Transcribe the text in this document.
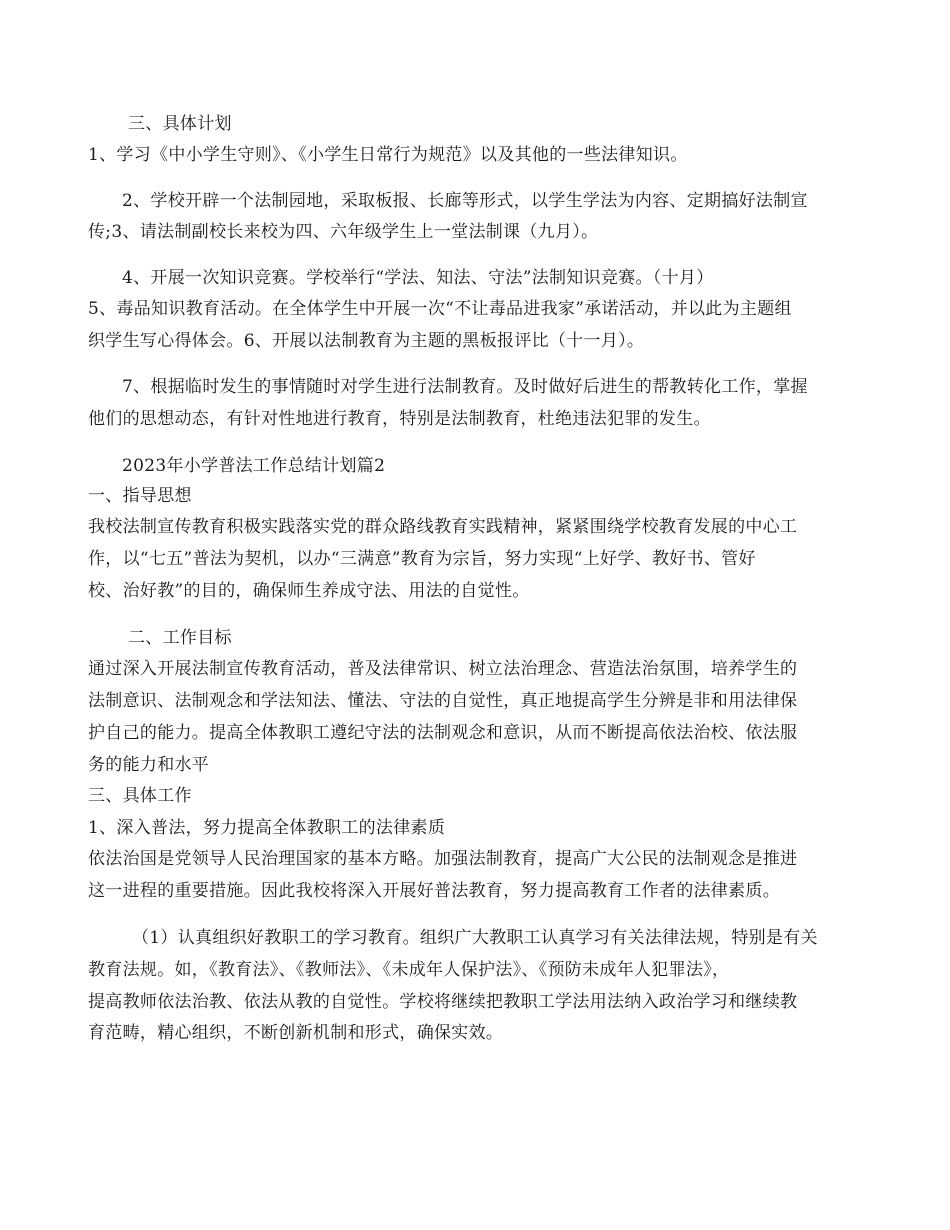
三、具体计划
1、学习《中小学生守则》、《小学生日常行为规范》以及其他的一些法律知识。
2、学校开辟一个法制园地，采取板报、长廊等形式，以学生学法为内容、定期搞好法制宣
传;3、请法制副校长来校为四、六年级学生上一堂法制课（九月）。
4、开展一次知识竞赛。学校举行“学法、知法、守法”法制知识竞赛。（十月）
5、毒品知识教育活动。在全体学生中开展一次“不让毒品进我家”承诺活动，并以此为主题组
织学生写心得体会。6、开展以法制教育为主题的黑板报评比（十一月）。
7、根据临时发生的事情随时对学生进行法制教育。及时做好后进生的帮教转化工作，掌握
他们的思想动态，有针对性地进行教育，特别是法制教育，杜绝违法犯罪的发生。
2023年小学普法工作总结计划篇2
一、指导思想
我校法制宣传教育积极实践落实党的群众路线教育实践精神，紧紧围绕学校教育发展的中心工
作，以“七五”普法为契机，以办“三满意”教育为宗旨，努力实现“上好学、教好书、管好
校、治好教”的目的，确保师生养成守法、用法的自觉性。
二、工作目标
通过深入开展法制宣传教育活动，普及法律常识、树立法治理念、营造法治氛围，培养学生的
法制意识、法制观念和学法知法、懂法、守法的自觉性，真正地提高学生分辨是非和用法律保
护自己的能力。提高全体教职工遵纪守法的法制观念和意识，从而不断提高依法治校、依法服
务的能力和水平
三、具体工作
1、深入普法，努力提高全体教职工的法律素质
依法治国是党领导人民治理国家的基本方略。加强法制教育，提高广大公民的法制观念是推进
这一进程的重要措施。因此我校将深入开展好普法教育，努力提高教育工作者的法律素质。
（1）认真组织好教职工的学习教育。组织广大教职工认真学习有关法律法规，特别是有关
教育法规。如，《教育法》、《教师法》、《未成年人保护法》、《预防未成年人犯罪法》，
提高教师依法治教、依法从教的自觉性。学校将继续把教职工学法用法纳入政治学习和继续教
育范畴，精心组织，不断创新机制和形式，确保实效。
